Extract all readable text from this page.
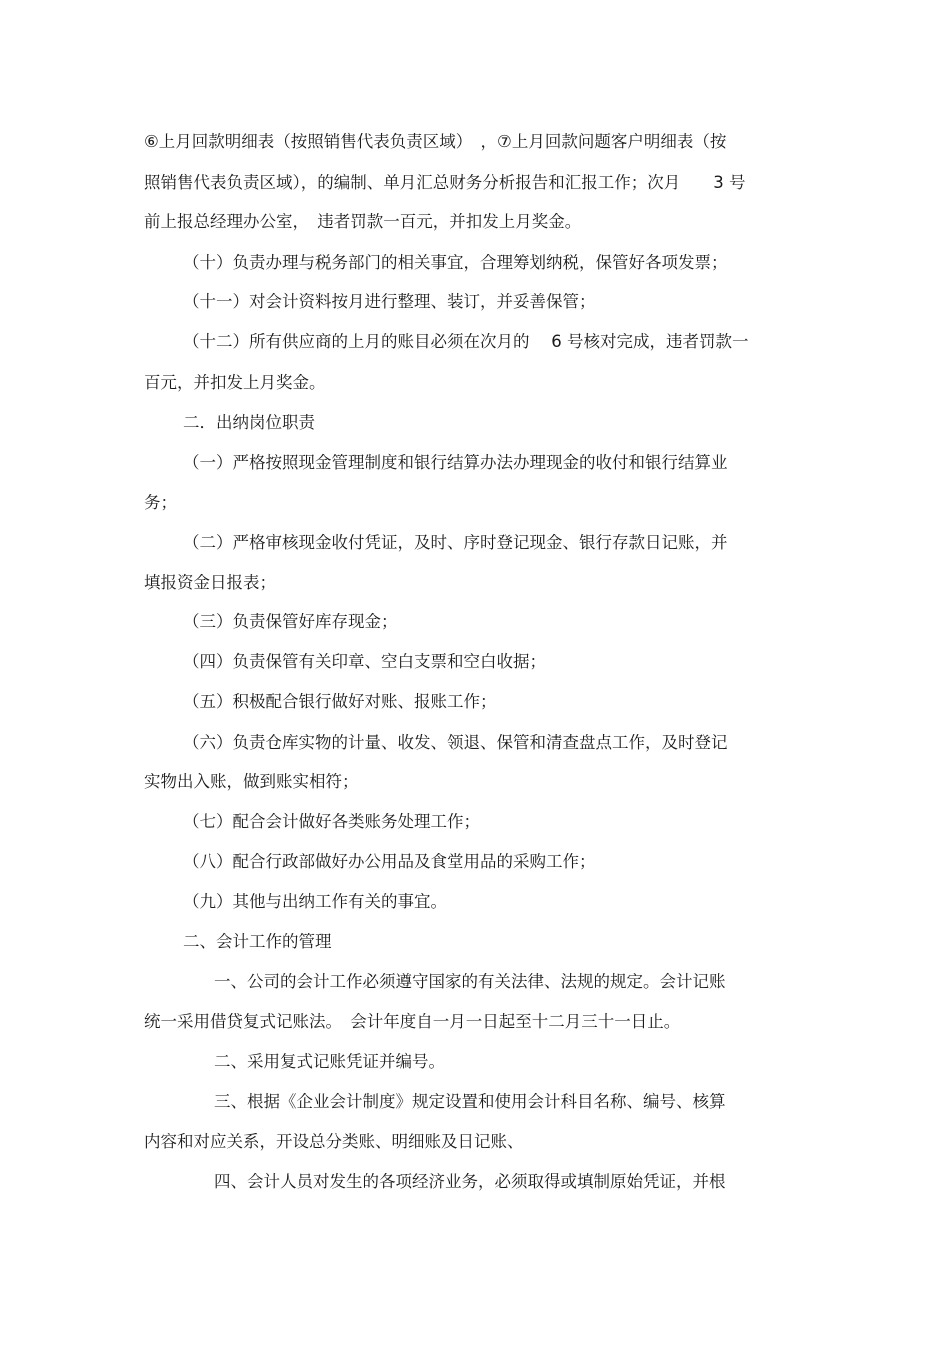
⑥上月回款明细表（按照销售代表负责区域）　，⑦上月回款问题客户明细表（按
照销售代表负责区域），的编制、单月汇总财务分析报告和汇报工作；次月　　3 号
前上报总经理办公室，　违者罚款一百元，并扣发上月奖金。
（十）负责办理与税务部门的相关事宜，合理筹划纳税，保管好各项发票；
（十一）对会计资料按月进行整理、装订，并妥善保管；
（十二）所有供应商的上月的账目必须在次月的　 6 号核对完成，违者罚款一
百元，并扣发上月奖金。
二．出纳岗位职责
（一）严格按照现金管理制度和银行结算办法办理现金的收付和银行结算业
务；
（二）严格审核现金收付凭证，及时、序时登记现金、银行存款日记账，并
填报资金日报表；
（三）负责保管好库存现金；
（四）负责保管有关印章、空白支票和空白收据；
（五）积极配合银行做好对账、报账工作；
（六）负责仓库实物的计量、收发、领退、保管和清查盘点工作，及时登记
实物出入账，做到账实相符；
（七）配合会计做好各类账务处理工作；
（八）配合行政部做好办公用品及食堂用品的采购工作；
（九）其他与出纳工作有关的事宜。
二、会计工作的管理
一、公司的会计工作必须遵守国家的有关法律、法规的规定。会计记账
统一采用借贷复式记账法。　会计年度自一月一日起至十二月三十一日止。
二、采用复式记账凭证并编号。
三、根据《企业会计制度》规定设置和使用会计科目名称、编号、核算
内容和对应关系，开设总分类账、明细账及日记账、
四、会计人员对发生的各项经济业务，必须取得或填制原始凭证，并根
